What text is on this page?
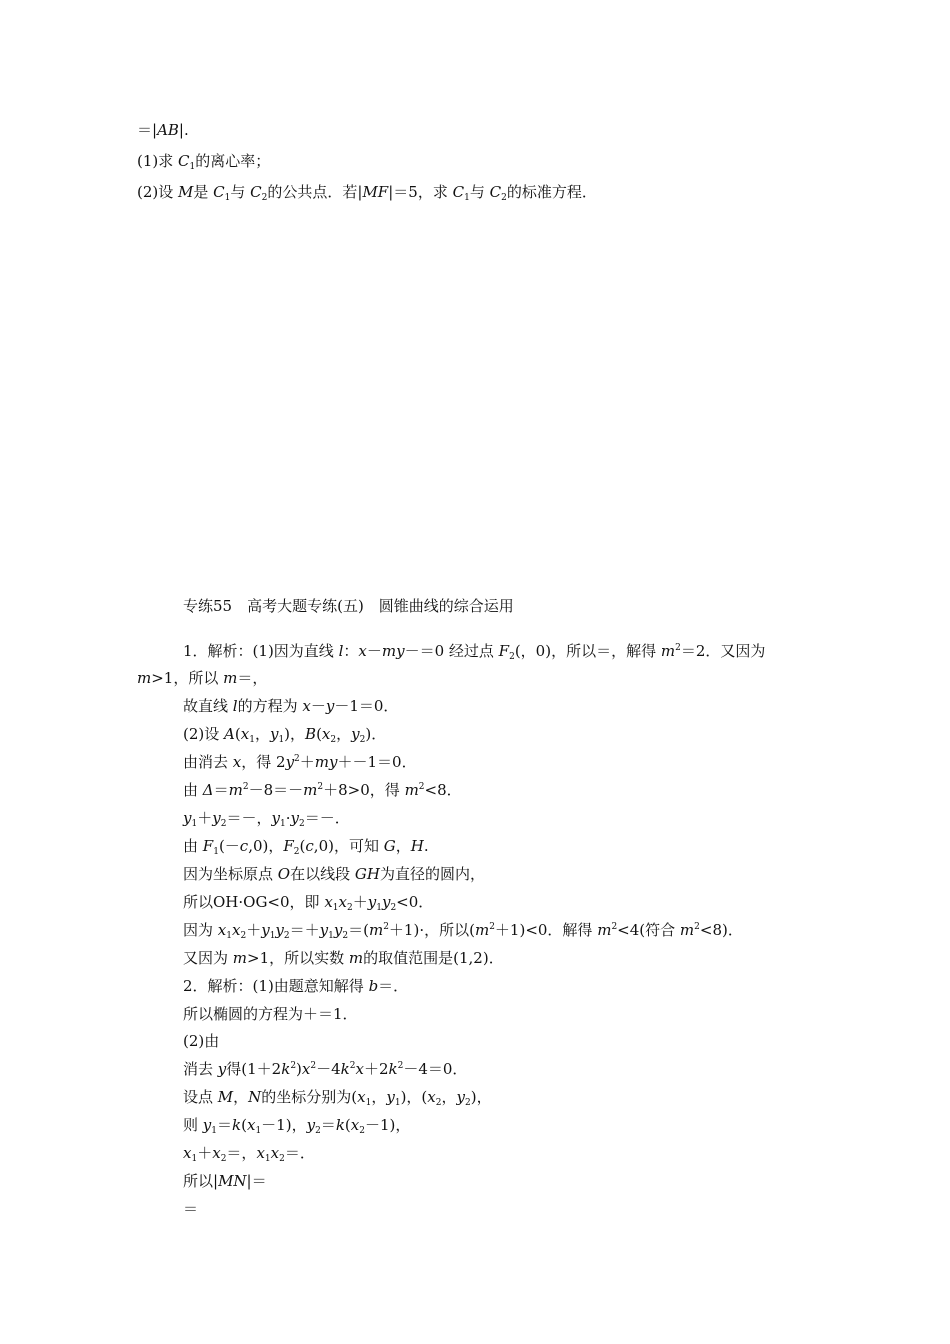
＝|AB|.
(1)求 $C_1$的离心率；
(2)设 M是 $C_1$与 $C_2$的公共点．若|MF|＝5，求 $C_1$与 $C_2$的标准方程．
专练55　高考大题专练(五)　圆锥曲线的综合运用
1．解析：(1)因为直线 l：x－my－＝0 经过点 $F_2$(，0)，所以＝，解得 $m^2=2$．又因为
m>1，所以 m＝，
故直线 l的方程为 x－y－1＝0．
(2)设 $A(x_1$，$y_1$)，$B(x_2$，$y_2$)．
由消去 x，得 $2y^2+my+-1=0$．
由 $\Delta=m^2-8=-m^2+8>0$，得 $m^2<8$．
$y_1+y_2=-$，$y_1\cdot y_2=-$．
由 $F_1(-c,0)$，$F_2(c,0)$，可知 G，H.
因为坐标原点 O在以线段 GH为直径的圆内，
所以OH·OG<0，即 $x_1x_2+y_1y_2<0$．
因为 $x_1x_2+y_1y_2=+y_1y_2=(m^2+1)\cdot$，所以$(m^2+1)<0$．解得 $m^2<4$(符合 $m^2<8$)．
又因为 m>1，所以实数 m的取值范围是(1,2)．
2．解析：(1)由题意知解得 b＝．
所以椭圆的方程为＋＝1．
(2)由
消去 y得$(1+2k^2)x^2-4k^2x+2k^2-4=0$．
设点 M，N的坐标分别为($x_1$，$y_1$)，($x_2$，$y_2$)，
则 $y_1=k(x_1-1)$，$y_2=k(x_2-1)$，
$x_1+x_2=$，$x_1x_2=$．
所以|MN|＝
＝
